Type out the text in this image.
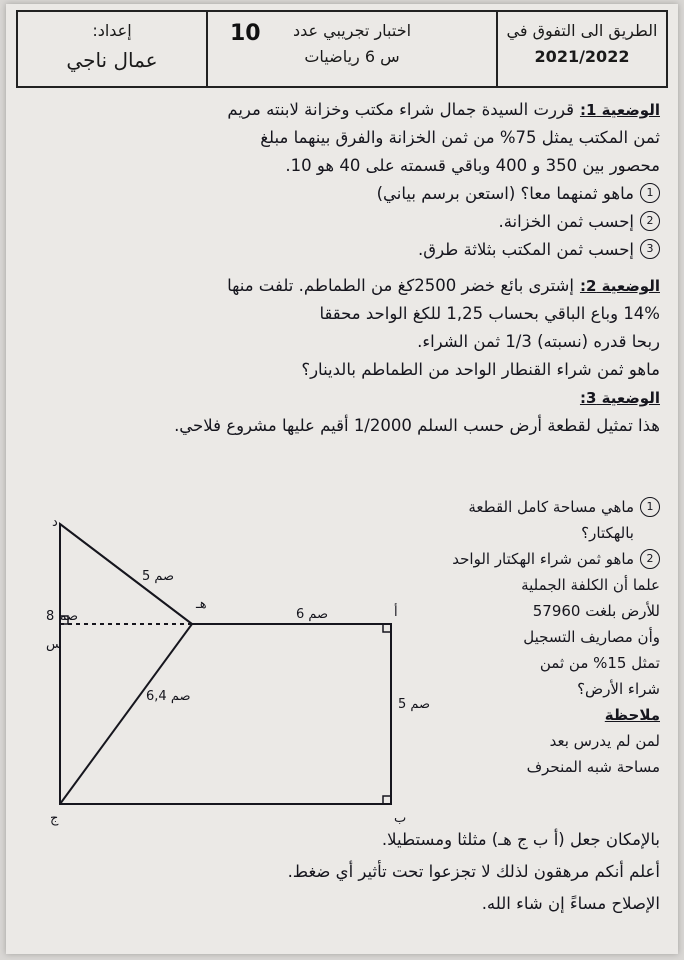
الطريق الى التفوق في
2021/2022
اختبار تجريبي عدد
س 6 رياضيات
10
إعداد:
عمال ناجي

الوضعية 1:قررت السيدة جمال شراء مكتب وخزانة لابنته مريم

ثمن المكتب يمثل 75% من ثمن الخزانة والفرق بينهما مبلغ

محصور بين 350 و 400 وباقي قسمته على 40 هو 10.

1
ماهو ثمنهما معا؟ (استعن برسم بياني)

2
إحسب ثمن الخزانة.

3
إحسب ثمن المكتب بثلاثة طرق.

الوضعية 2:إشترى بائع خضر 2500كغ من الطماطم. تلفت منها

14% وباع الباقي بحساب 1,25 للكغ الواحد محققا

ربحا قدره (نسبته) 1/3 ثمن الشراء.

ماهو ثمن شراء القنطار الواحد من الطماطم بالدينار؟

الوضعية 3:

هذا تمثيل لقطعة أرض حسب السلم 1/2000 أقيم عليها مشروع فلاحي.

1
ماهي مساحة كامل القطعة بالهكتار؟

2
ماهو ثمن شراء الهكتار الواحد

علما أن الكلفة الجملية

للأرض بلغت 57960

وأن مصاريف التسجيل

تمثل 15% من ثمن

شراء الأرض؟

ملاحظة

لمن لم يدرس بعد

مساحة شبه المنحرف

د
هـ
أ
ب
ج
س
5 صم
6 صم
8 صم
6,4 صم
5 صم

بالإمكان جعل (أ ب ج هـ) مثلثا ومستطيلا.

أعلم أنكم مرهقون لذلك لا تجزعوا تحت تأثير أي ضغط.

الإصلاح مساءً إن شاء الله.
